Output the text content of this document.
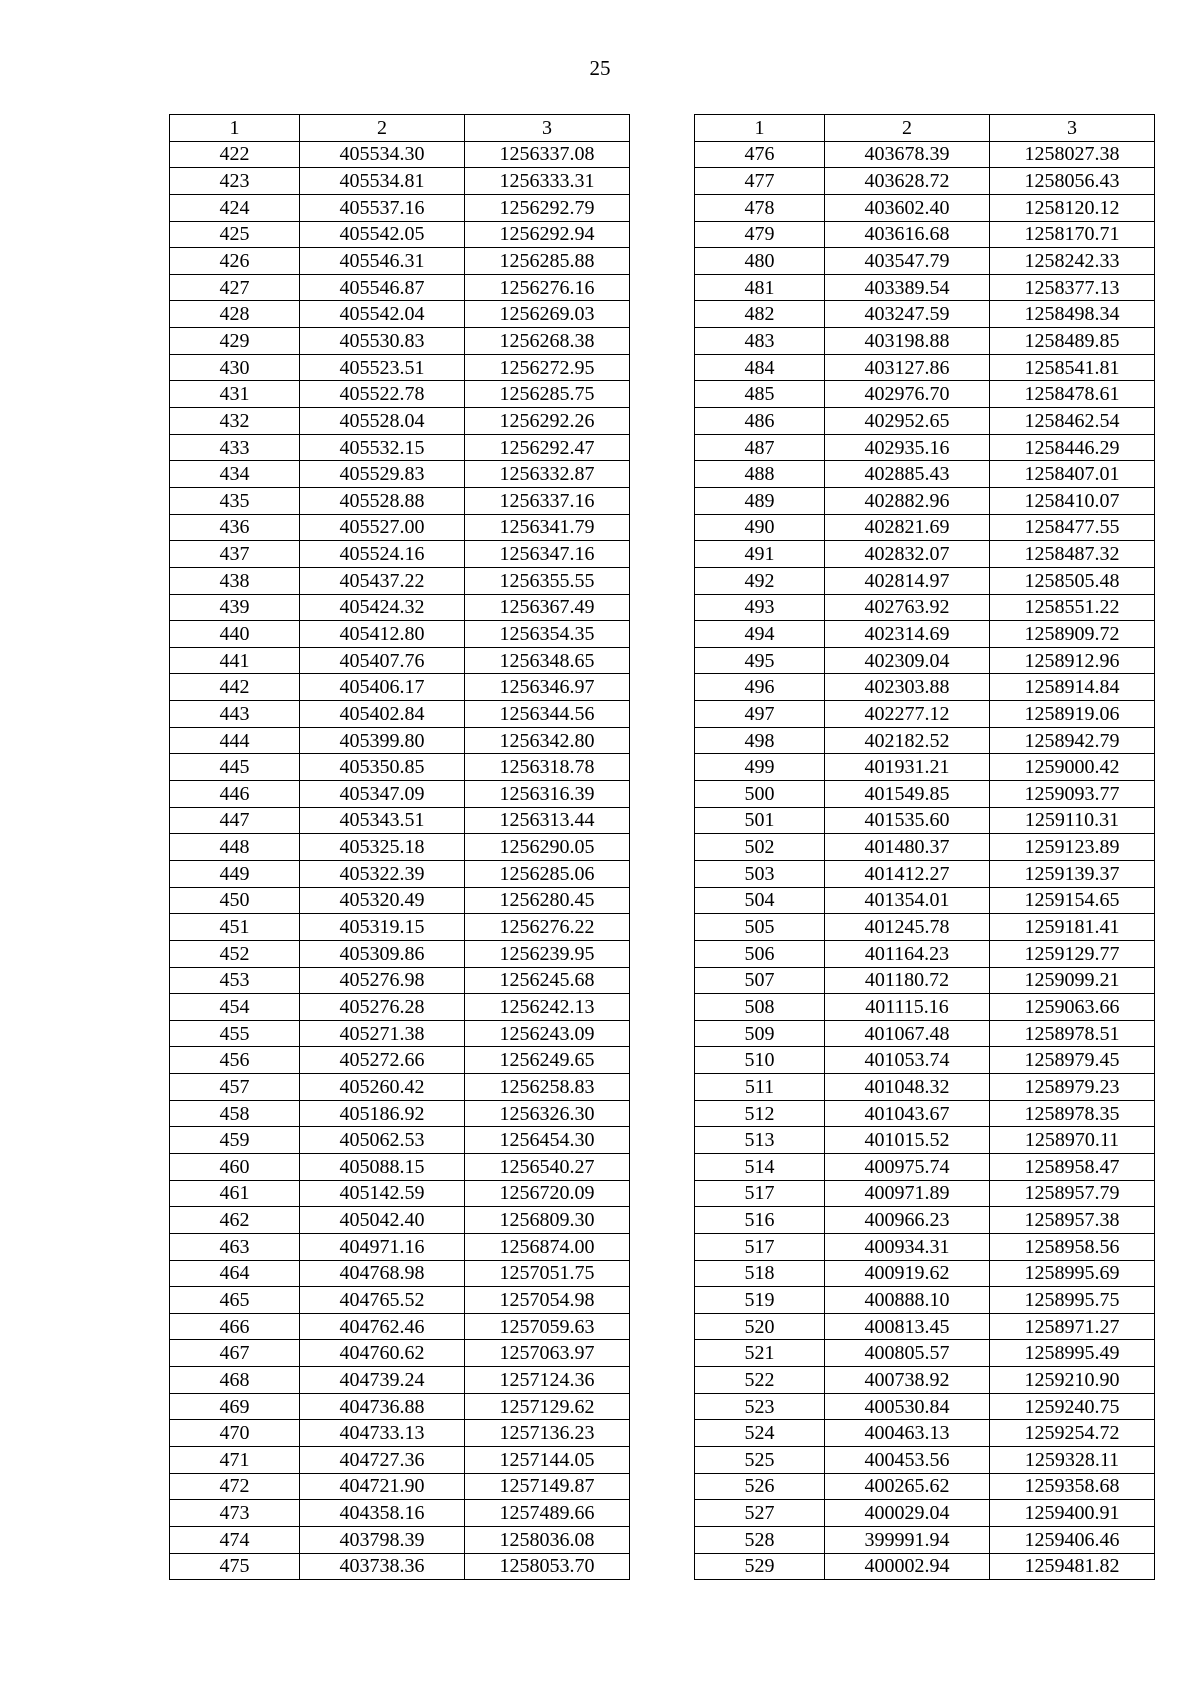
25
1	2	3
422	405534.30	1256337.08
423	405534.81	1256333.31
424	405537.16	1256292.79
425	405542.05	1256292.94
426	405546.31	1256285.88
427	405546.87	1256276.16
428	405542.04	1256269.03
429	405530.83	1256268.38
430	405523.51	1256272.95
431	405522.78	1256285.75
432	405528.04	1256292.26
433	405532.15	1256292.47
434	405529.83	1256332.87
435	405528.88	1256337.16
436	405527.00	1256341.79
437	405524.16	1256347.16
438	405437.22	1256355.55
439	405424.32	1256367.49
440	405412.80	1256354.35
441	405407.76	1256348.65
442	405406.17	1256346.97
443	405402.84	1256344.56
444	405399.80	1256342.80
445	405350.85	1256318.78
446	405347.09	1256316.39
447	405343.51	1256313.44
448	405325.18	1256290.05
449	405322.39	1256285.06
450	405320.49	1256280.45
451	405319.15	1256276.22
452	405309.86	1256239.95
453	405276.98	1256245.68
454	405276.28	1256242.13
455	405271.38	1256243.09
456	405272.66	1256249.65
457	405260.42	1256258.83
458	405186.92	1256326.30
459	405062.53	1256454.30
460	405088.15	1256540.27
461	405142.59	1256720.09
462	405042.40	1256809.30
463	404971.16	1256874.00
464	404768.98	1257051.75
465	404765.52	1257054.98
466	404762.46	1257059.63
467	404760.62	1257063.97
468	404739.24	1257124.36
469	404736.88	1257129.62
470	404733.13	1257136.23
471	404727.36	1257144.05
472	404721.90	1257149.87
473	404358.16	1257489.66
474	403798.39	1258036.08
475	403738.36	1258053.70
1	2	3
476	403678.39	1258027.38
477	403628.72	1258056.43
478	403602.40	1258120.12
479	403616.68	1258170.71
480	403547.79	1258242.33
481	403389.54	1258377.13
482	403247.59	1258498.34
483	403198.88	1258489.85
484	403127.86	1258541.81
485	402976.70	1258478.61
486	402952.65	1258462.54
487	402935.16	1258446.29
488	402885.43	1258407.01
489	402882.96	1258410.07
490	402821.69	1258477.55
491	402832.07	1258487.32
492	402814.97	1258505.48
493	402763.92	1258551.22
494	402314.69	1258909.72
495	402309.04	1258912.96
496	402303.88	1258914.84
497	402277.12	1258919.06
498	402182.52	1258942.79
499	401931.21	1259000.42
500	401549.85	1259093.77
501	401535.60	1259110.31
502	401480.37	1259123.89
503	401412.27	1259139.37
504	401354.01	1259154.65
505	401245.78	1259181.41
506	401164.23	1259129.77
507	401180.72	1259099.21
508	401115.16	1259063.66
509	401067.48	1258978.51
510	401053.74	1258979.45
511	401048.32	1258979.23
512	401043.67	1258978.35
513	401015.52	1258970.11
514	400975.74	1258958.47
517	400971.89	1258957.79
516	400966.23	1258957.38
517	400934.31	1258958.56
518	400919.62	1258995.69
519	400888.10	1258995.75
520	400813.45	1258971.27
521	400805.57	1258995.49
522	400738.92	1259210.90
523	400530.84	1259240.75
524	400463.13	1259254.72
525	400453.56	1259328.11
526	400265.62	1259358.68
527	400029.04	1259400.91
528	399991.94	1259406.46
529	400002.94	1259481.82
